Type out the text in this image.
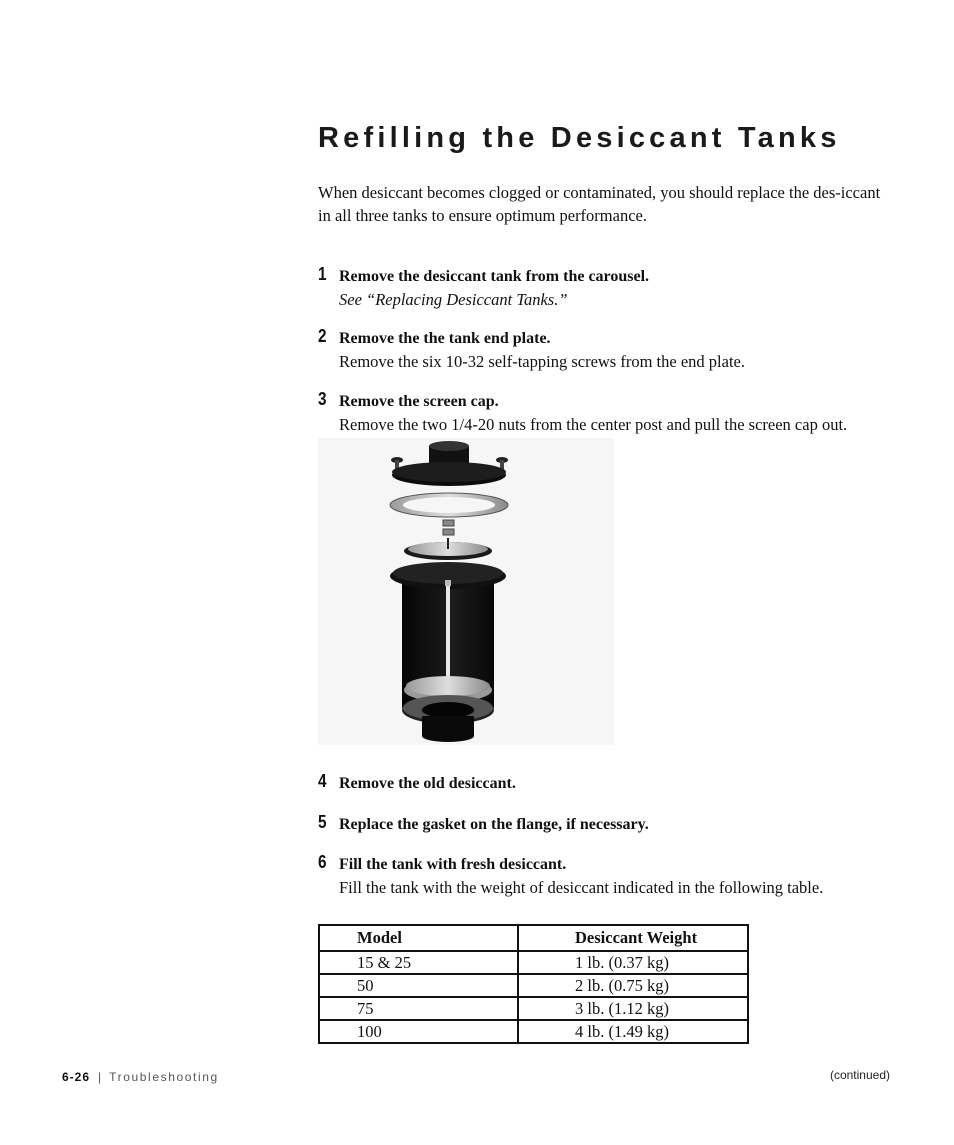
Refilling the Desiccant Tanks

When desiccant becomes clogged or contaminated, you should replace the des-iccant in all three tanks to ensure optimum performance.

1 Remove the desiccant tank from the carousel.
See “Replacing Desiccant Tanks.”
2 Remove the the tank end plate.
Remove the six 10-32 self-tapping screws from the end plate.
3 Remove the screen cap.
Remove the two 1/4-20 nuts from the center post and pull the screen cap out.
4 Remove the old desiccant.
5 Replace the gasket on the flange, if necessary.
6 Fill the tank with fresh desiccant.
Fill the tank with the weight of desiccant indicated in the following table.
Model	Desiccant Weight
15 & 25	1 lb. (0.37 kg)
50	2 lb. (0.75 kg)
75	3 lb. (1.12 kg)
100	4 lb. (1.49 kg)
6-26 | Troubleshooting	(continued)
